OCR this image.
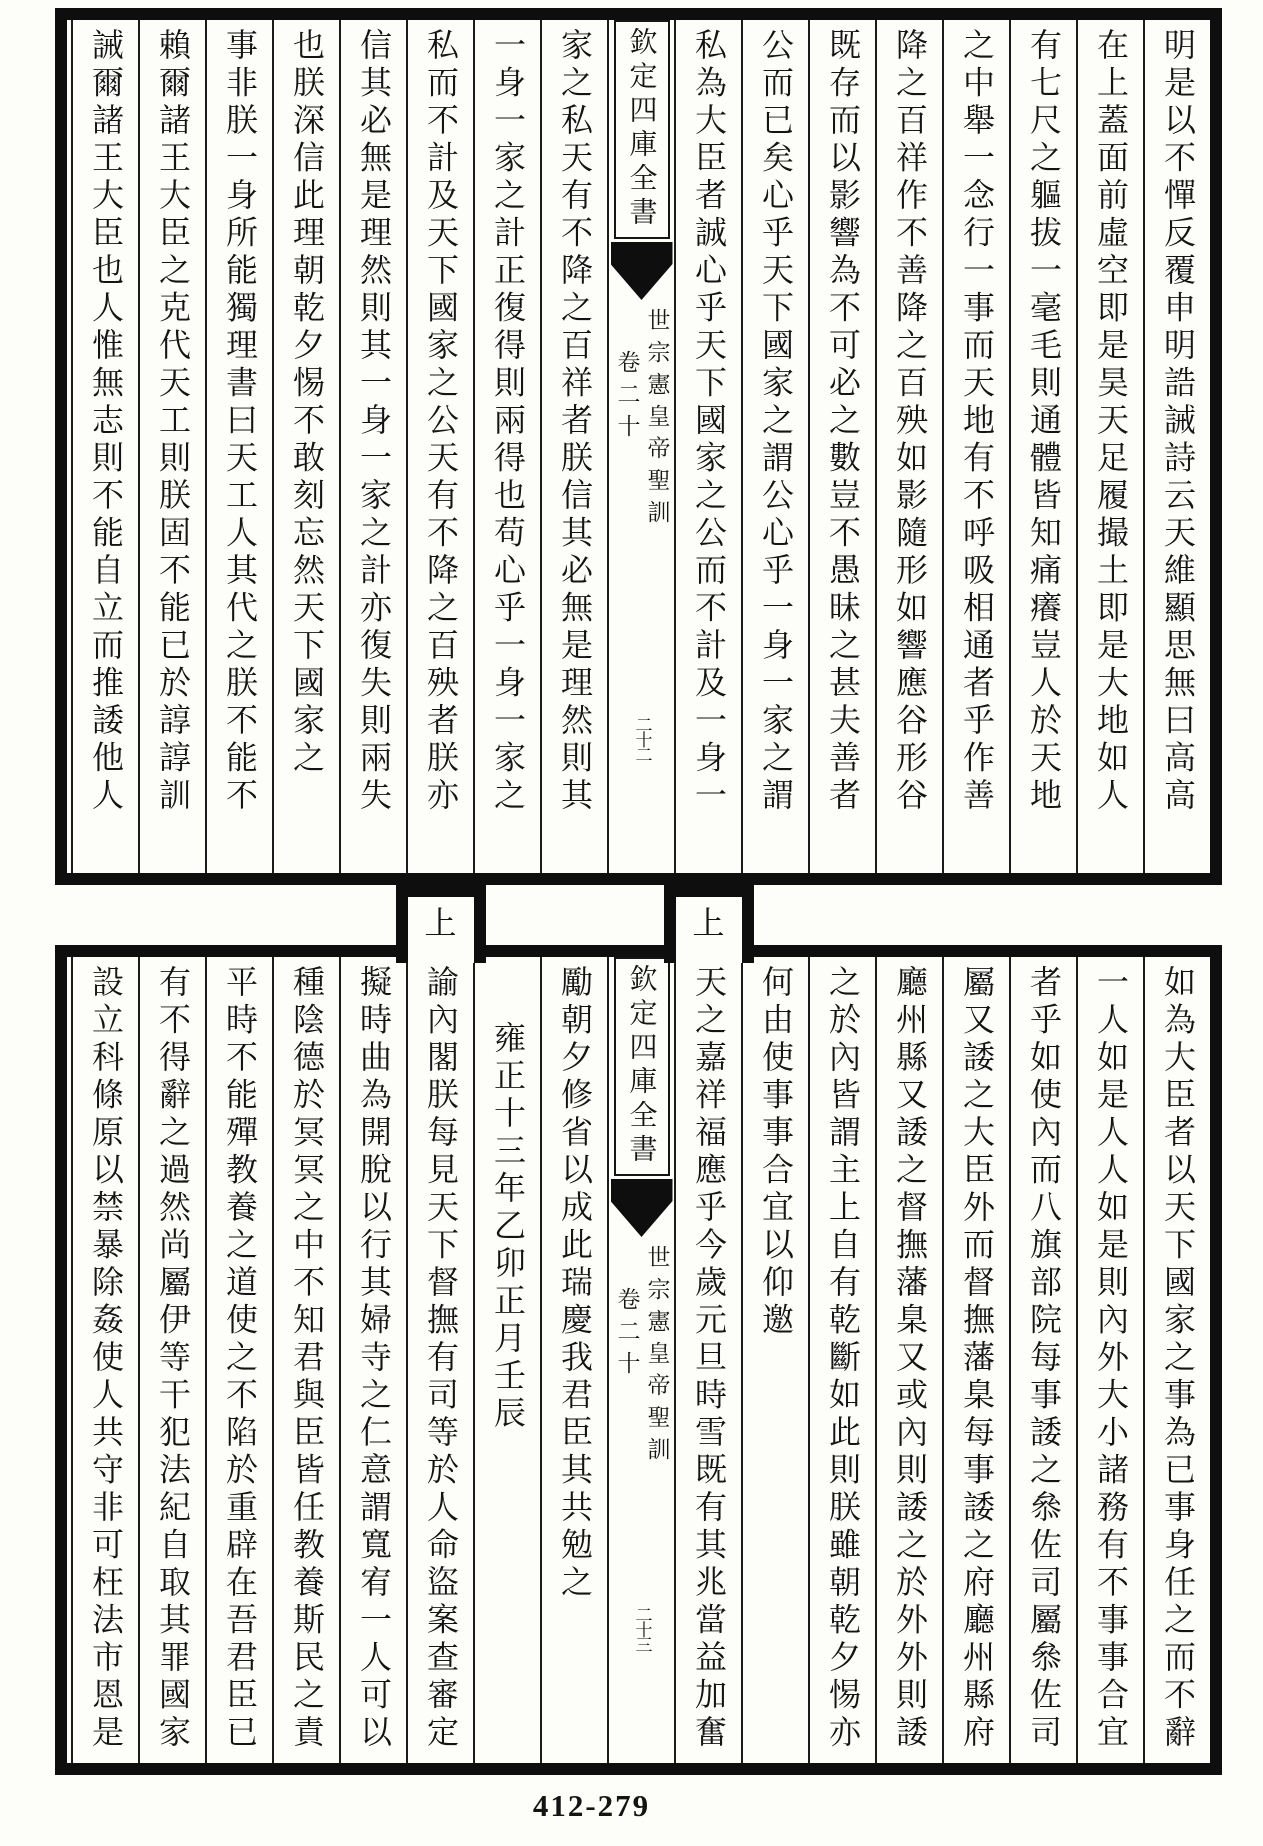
明是以不憚反覆申明誥誡詩云天維顯思無曰高高
在上蓋面前虛空即是昊天足履撮土即是大地如人
有七尺之軀拔一毫毛則通體皆知痛癢豈人於天地
之中舉一念行一事而天地有不呼吸相通者乎作善
降之百祥作不善降之百殃如影隨形如響應谷形谷
既存而以影響為不可必之數豈不愚昧之甚夫善者
公而已矣心乎天下國家之謂公心乎一身一家之謂
私為大臣者誠心乎天下國家之公而不計及一身一
欽定四庫全書
世宗憲皇帝聖訓
卷二十
二十二
家之私天有不降之百祥者朕信其必無是理然則其
一身一家之計正復得則兩得也苟心乎一身一家之
私而不計及天下國家之公天有不降之百殃者朕亦
信其必無是理然則其一身一家之計亦復失則兩失
也朕深信此理朝乾夕惕不敢刻忘然天下國家之
事非朕一身所能獨理書曰天工人其代之朕不能不
賴爾諸王大臣之克代天工則朕固不能已於諄諄訓
誡爾諸王大臣也人惟無志則不能自立而推諉他人
如為大臣者以天下國家之事為已事身任之而不辭
一人如是人人如是則內外大小諸務有不事事合宜
者乎如使內而八旗部院每事諉之叅佐司屬叅佐司
屬又諉之大臣外而督撫藩臬每事諉之府廳州縣府
廳州縣又諉之督撫藩臬又或內則諉之於外外則諉
之於內皆謂主上自有乾斷如此則朕雖朝乾夕惕亦
何由使事事合宜以仰邀
上
天之嘉祥福應乎今歲元旦時雪既有其兆當益加奮
欽定四庫全書
世宗憲皇帝聖訓
卷二十
二十三
勵朝夕修省以成此瑞慶我君臣其共勉之
雍正十三年乙卯正月壬辰
上
諭內閣朕每見天下督撫有司等於人命盜案查審定
擬時曲為開脫以行其婦寺之仁意謂寬宥一人可以
種陰德於冥冥之中不知君與臣皆任教養斯民之責
平時不能殫教養之道使之不陷於重辟在吾君臣已
有不得辭之過然尚屬伊等干犯法紀自取其罪國家
設立科條原以禁暴除姦使人共守非可枉法市恩是
412-279
